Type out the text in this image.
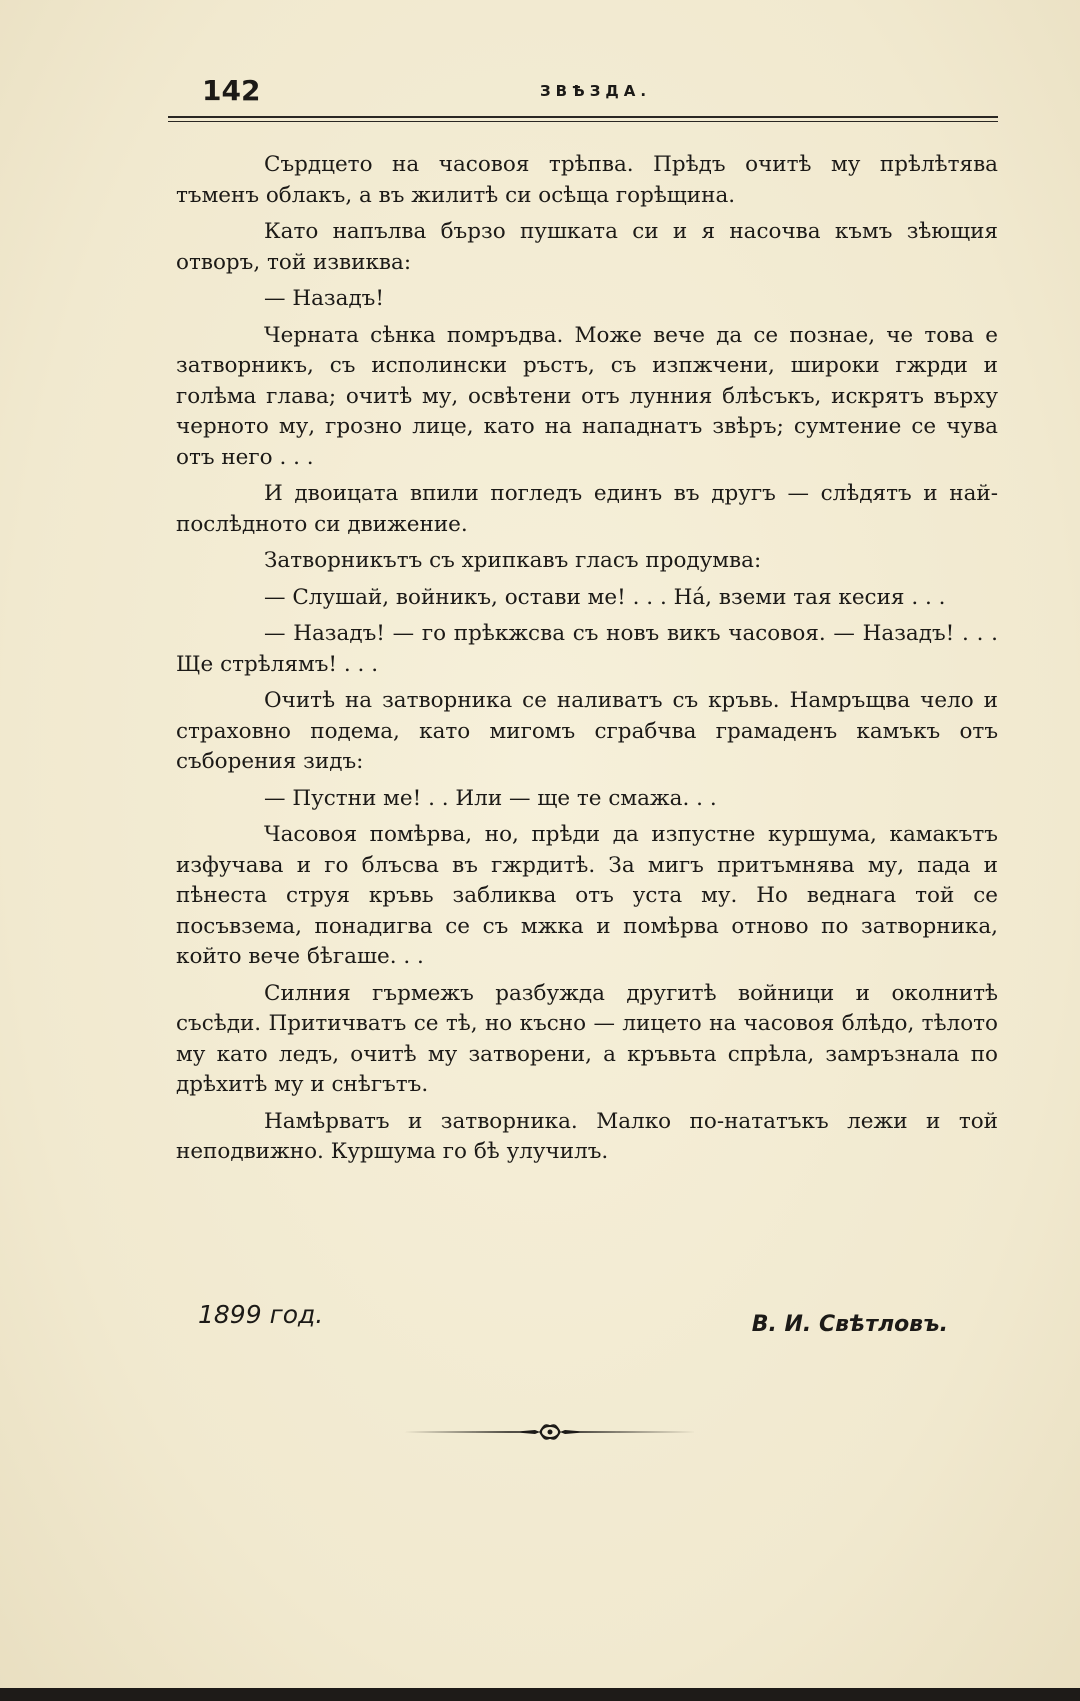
142	ЗВѢЗДА.

Сърдцето на часовоя трѣпва. Прѣдъ очитѣ му прѣлѣтява тъменъ облакъ, а въ жилитѣ си осѣща горѣщина.

Като напълва бързо пушката си и я насочва къмъ зѣющия отворъ, той извиква:

— Назадъ!

Черната сѣнка помръдва. Може вече да се познае, че това е затворникъ, съ исполински ръстъ, съ изпжчени, широки гжрди и голѣма глава; очитѣ му, освѣтени отъ лунния блѣсъкъ, искрятъ върху черното му, грозно лице, като на нападнатъ звѣръ; сумтение се чува отъ него . . .

И двоицата впили погледъ единъ въ другъ — слѣдятъ и най-послѣдното си движение.

Затворникътъ съ хрипкавъ гласъ продумва:

— Слушай, войникъ, остави ме! . . . На́, вземи тая кесия . . .

— Назадъ! — го прѣкжсва съ новъ викъ часовоя. — Назадъ! . . . Ще стрѣлямъ! . . .

Очитѣ на затворника се наливатъ съ кръвь. Намръщва чело и страховно подема, като мигомъ сграбчва грамаденъ камъкъ отъ съборения зидъ:

— Пустни ме! . . Или — ще те смажа. . .

Часовоя помѣрва, но, прѣди да изпустне куршума, камакътъ изфучава и го блъсва въ гжрдитѣ. За мигъ притъмнява му, пада и пѣнеста струя кръвь забликва отъ уста му. Но веднага той се посъвзема, понадигва се съ мжка и помѣрва отново по затворника, който вече бѣгаше. . .

Силния гърмежъ разбужда другитѣ войници и околнитѣ съсѣди. Притичватъ се тѣ, но късно — лицето на часовоя блѣдо, тѣлото му като ледъ, очитѣ му затворени, а кръвьта спрѣла, замръзнала по дрѣхитѣ му и снѣгътъ.

Намѣрватъ и затворника. Малко по-нататъкъ лежи и той неподвижно. Куршума го бѣ улучилъ.

1899 год.	В. И. Свѣтловъ.
